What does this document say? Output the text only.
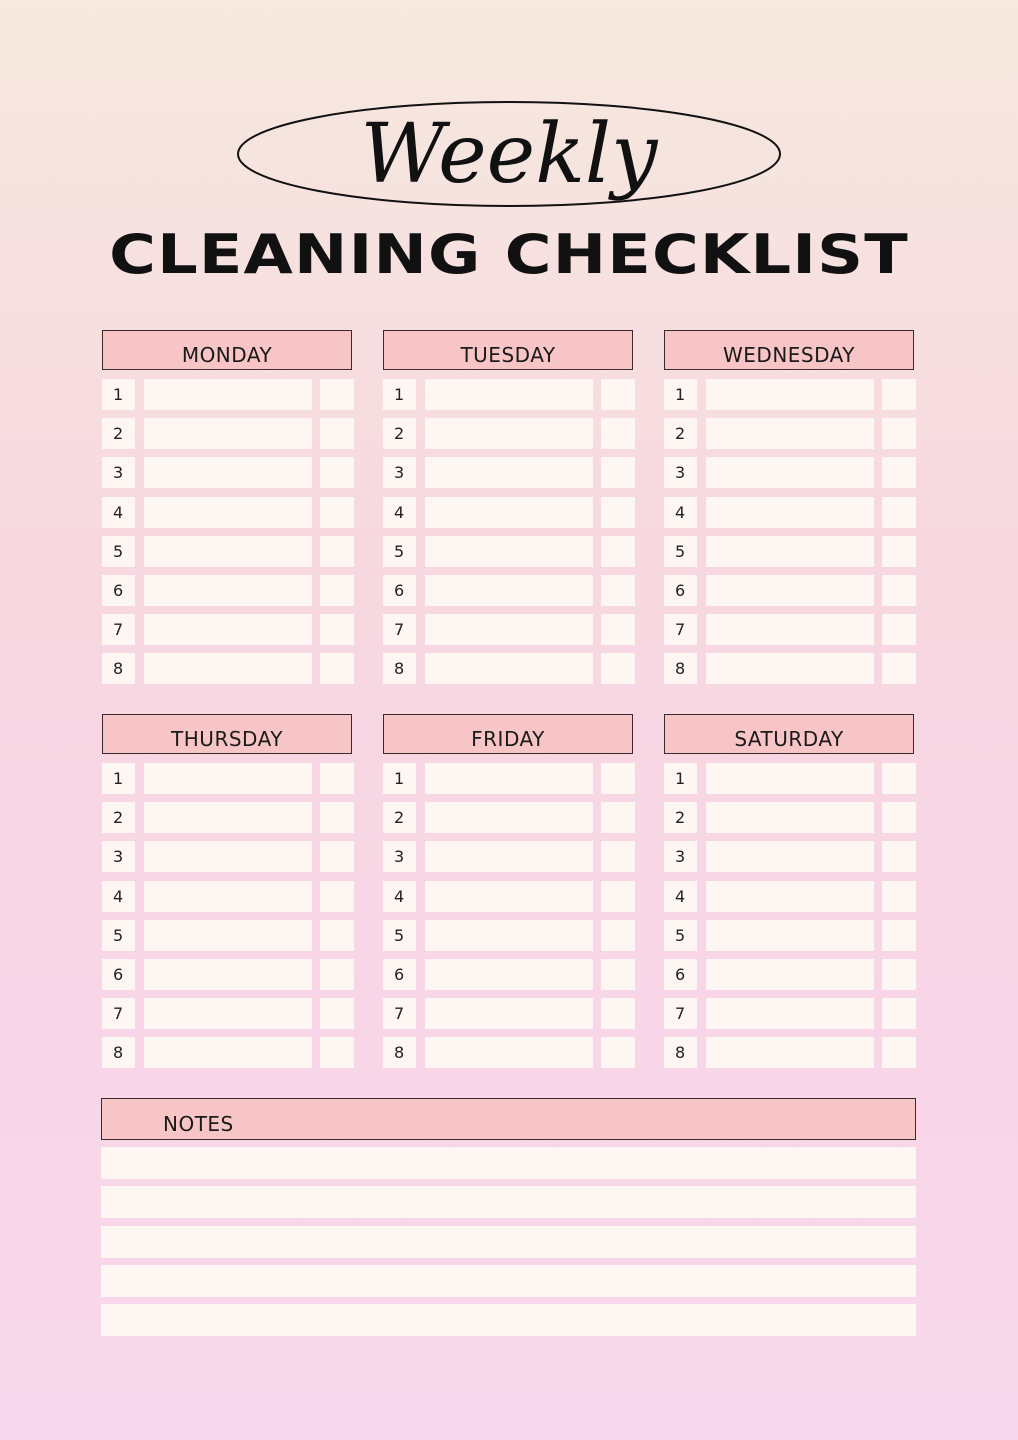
Weekly
CLEANING CHECKLIST
MONDAY
1
2
3
4
5
6
7
8
TUESDAY
1
2
3
4
5
6
7
8
WEDNESDAY
1
2
3
4
5
6
7
8
THURSDAY
1
2
3
4
5
6
7
8
FRIDAY
1
2
3
4
5
6
7
8
SATURDAY
1
2
3
4
5
6
7
8
NOTES
